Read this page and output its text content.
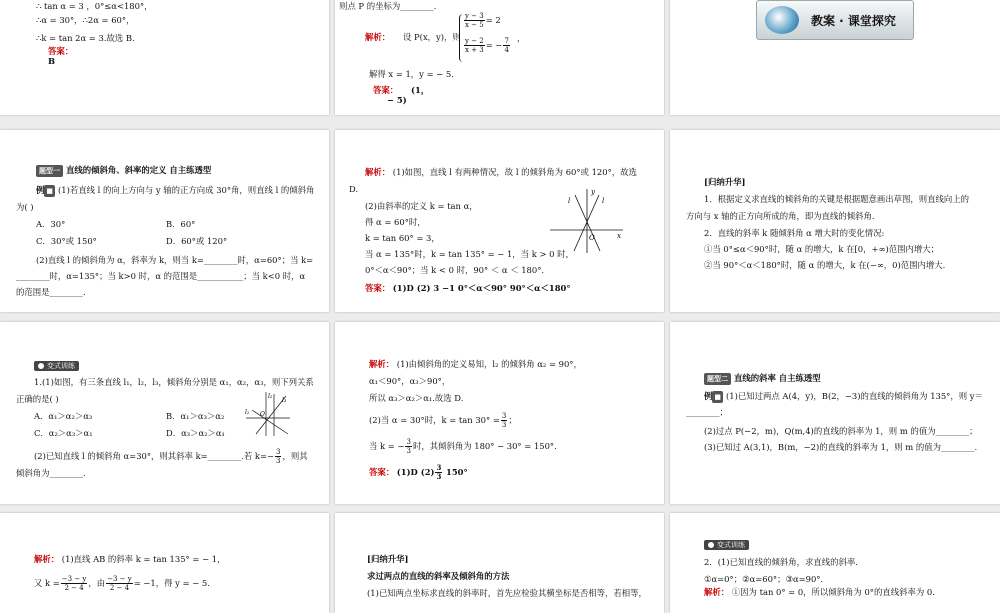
∴ tan α = 3 ，0°≤α<180°，
∴α = 30°，∴2α = 60°，
∴k = tan 2α = 3.故选 B.
答案：
B
则点 P 的坐标为________.
解析： 设 P(x，y)，则
$\frac{y - 3}{x - 5} = 2$
$\frac{y - 2}{x + 3}$ = − $\frac{7}{4}$ ，
解得 x = 1，y = − 5.
答案： (1，
− 5)
教案 · 课堂探究
题型一 直线的倾斜角、斜率的定义 自主练透型
例 ■ (1)若直线 l 的向上方向与 y 轴的正方向成 30°角，则直线 l 的倾斜角
为( )
A．30°	B．60°
C．30°或 150°	D．60°或 120°
(2)直线 l 的倾斜角为 α，斜率为 k，则当 k=________时，α=60°；当 k=
________时，α=135°；当 k>0 时，α 的范围是___________；当 k<0 时，α
的范围是________.
解析： (1)如图，直线 l 有两种情况，故 l 的倾斜角为 60°或 120°，故选
D.
(2)由斜率的定义 k = tan α，
得 α = 60°时，
k = tan 60° = 3，
当 α = 135°时，k = tan 135° = − 1，当 k > 0 时，
0°＜α＜90°；当 k < 0 时，90° ＜ α ＜ 180°.
答案： (1)D (2) 3 −1 0°＜α＜90° 90°＜α＜180°
y
x
O
l	l
[归纳升华]
1．根据定义求直线的倾斜角的关键是根据题意画出草图，则直线向上的
方向与 x 轴的正方向所成的角，即为直线的倾斜角.
2．直线的斜率 k 随倾斜角 α 增大时的变化情况:
①当 0°≤α＜90°时，随 α 的增大，k 在[0，+∞)范围内增大；
②当 90°＜α＜180°时，随 α 的增大，k 在(−∞，0)范围内增大.
变式训练
1.(1)如图，有三条直线 l₁，l₂，l₃，倾斜角分别是 α₁，α₂，α₃，则下列关系
正确的是( )
A．α₁＞α₂＞α₃	B．α₁＞α₃＞α₂
C．α₂＞α₃＞α₁	D．α₃＞α₂＞α₁
(2)已知直线 l 的倾斜角 α=30°，则其斜率 k=________.若 $k=- \frac{3}{3}$ ，则其
倾斜角为________.
l₁
l₂
l₃
O
解析： (1)由倾斜角的定义易知，l₂ 的倾斜角 α₂ = 90°，
α₁＜90°，α₃＞90°，
所以 α₃＞α₂＞α₁.故选 D.
(2)当 α = 30°时，$k = \tan 30^\circ = \frac{3}{3}$ ；
当 k = − $\frac{3}{3}$ 时，其倾斜角为 180° − 30° = 150°.
答案： (1)D $(2) \frac{3}{3} 150^\circ$
题型二 直线的斜率 自主练透型
例 ■ (1)已知过两点 A(4，y)，B(2，−3)的直线的倾斜角为 135°，则 y＝
________；
(2)过点 P(−2，m)，Q(m,4)的直线的斜率为 1，则 m 的值为________；
(3)已知过 A(3,1)，B(m，−2)的直线的斜率为 1，则 m 的值为________.
解析： (1)直线 AB 的斜率 k = tan 135° = − 1，
又 $k = \frac{-3 - y}{2 - 4}$ ，由 $\frac{-3 - y}{2 - 4} = -1$，得 y = − 5.
[归纳升华]
求过两点的直线的斜率及倾斜角的方法
(1)已知两点坐标求直线的斜率时，首先应检验其横坐标是否相等，若相等，
变式训练
2．(1)已知直线的倾斜角，求直线的斜率.
①α=0°；②α=60°；③α=90°.
解析： ①因为 tan 0° = 0，所以倾斜角为 0°的直线斜率为 0.
